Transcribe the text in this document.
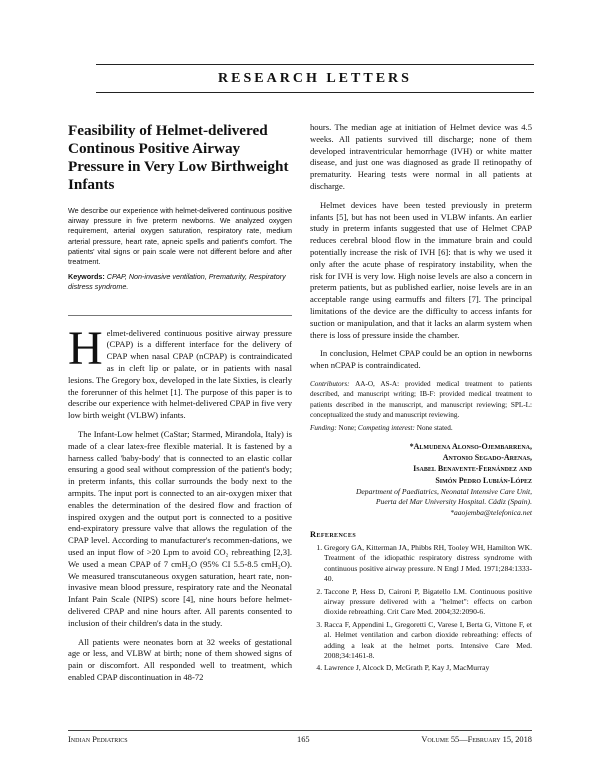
RESEARCH LETTERS
Feasibility of Helmet-delivered Continous Positive Airway Pressure in Very Low Birthweight Infants

We describe our experience with helmet-delivered continuous positive airway pressure in five preterm newborns. We analyzed oxygen requirement, arterial oxygen saturation, respiratory rate, medium arterial pressure, heart rate, apneic spells and patient's comfort. The patients' vital signs or pain scale were not different before and after treatment.

Keywords: CPAP, Non-invasive ventilation, Prematurity, Respiratory distress syndrome.

Helmet-delivered continuous positive airway pressure (CPAP) is a different interface for the delivery of CPAP when nasal CPAP (nCPAP) is contraindicated as in cleft lip or palate, or in patients with nasal lesions. The Gregory box, developed in the late Sixties, is clearly the forerunner of this helmet [1]. The purpose of this paper is to describe our experience with helmet-delivered CPAP in five very low birth weight (VLBW) infants.

The Infant-Low helmet (CaStar; Starmed, Mirandola, Italy) is made of a clear latex-free flexible material. It is fastened by a harness called 'baby-body' that is connected to an elastic collar ensuring a good seal without compression of the patient's body; in preterm infants, this collar surrounds the body next to the armpits. The input port is connected to an air-oxygen mixer that enables the determination of the desired flow and fraction of inspired oxygen and the output port is connected to a positive end-expiratory pressure valve that allows the regulation of the CPAP level. According to manufacturer's recommen-dations, we used an input flow of >20 Lpm to avoid CO₂ rebreathing [2,3]. We used a mean CPAP of 7 cmH₂O (95% CI 5.5-8.5 cmH₂O). We measured transcutaneous oxygen saturation, heart rate, non-invasive mean blood pressure, respiratory rate and the Neonatal Infant Pain Scale (NIPS) score [4], nine hours before helmet-delivered CPAP and nine hours after. All parents consented to inclusion of their children's data in the study.

All patients were neonates born at 32 weeks of gestational age or less, and VLBW at birth; none of them showed signs of pain or discomfort. All responded well to treatment, which enabled CPAP discontinuation in 48-72

hours. The median age at initiation of Helmet device was 4.5 weeks. All patients survived till discharge; none of them developed intraventricular hemorrhage (IVH) or white matter disease, and just one was diagnosed as grade II retinopathy of prematurity. Hearing tests were normal in all patients at discharge.

Helmet devices have been tested previously in preterm infants [5], but has not been used in VLBW infants. An earlier study in preterm infants suggested that use of Helmet CPAP reduces cerebral blood flow in the immature brain and could potentially increase the risk of IVH [6]: that is why we used it only after the acute phase of respiratory instability, when the risk for IVH is very low. High noise levels are also a concern in preterm patients, but as published earlier, noise levels are in an acceptable range using earmuffs and filters [7]. The principal limitations of the device are the difficulty to access infants for suction or manipulation, and that it lacks an alarm system when there is loss of pressure inside the chamber.

In conclusion, Helmet CPAP could be an option in newborns when nCPAP is contraindicated.

Contributors: AA-O, AS-A: provided medical treatment to patients described, and manuscript writing; IB-F: provided medical treatment to patients described in the manuscript, and manuscript reviewing; SPL-L: conceptualized the study and manuscript reviewing.

Funding: None; Competing interest: None stated.

*Almudena Alonso-Ojembarrena,
Antonio Segado-Arenas,
Isabel Benavente-Fernández and
Simón Pedro Lubián-López
Department of Paediatrics, Neonatal Intensive Care Unit,
Puerta del Mar University Hospital. Cádiz (Spain).
*aaojemba@telefonica.net
References
1. Gregory GA, Kitterman JA, Phibbs RH, Tooley WH, Hamilton WK. Treatment of the idiopathic respiratory distress syndrome with continuous positive airway pressure. N Engl J Med. 1971;284:1333-40.
2. Taccone P, Hess D, Caironi P, Bigatello LM. Continuous positive airway pressure delivered with a "helmet": effects on carbon dioxide rebreathing. Crit Care Med. 2004;32:2090-6.
3. Racca F, Appendini L, Gregoretti C, Varese I, Berta G, Vittone F, et al. Helmet ventilation and carbon dioxide rebreathing: effects of adding a leak at the helmet ports. Intensive Care Med. 2008;34:1461-8.
4. Lawrence J, Alcock D, McGrath P, Kay J, MacMurray
Indian Pediatrics	165	Volume 55—February 15, 2018
